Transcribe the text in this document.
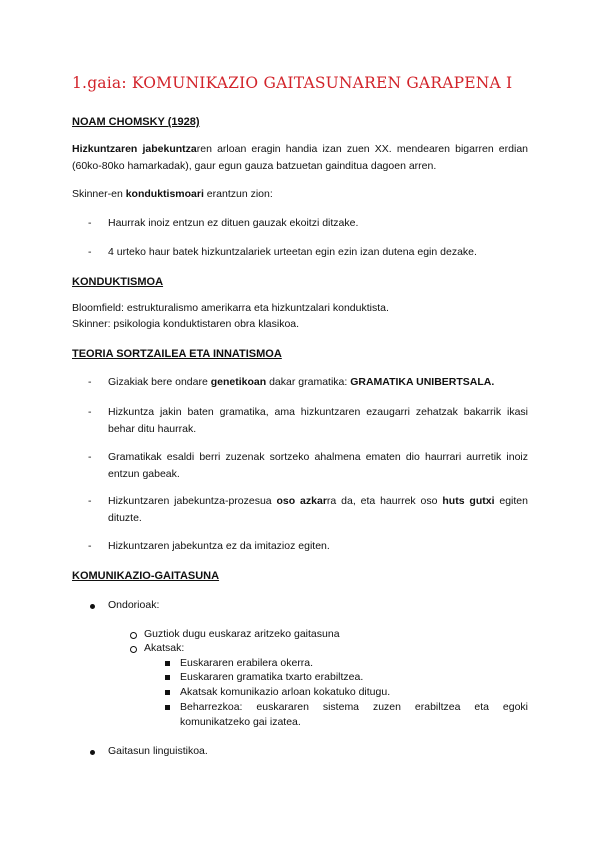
1.gaia: KOMUNIKAZIO GAITASUNAREN GARAPENA I
NOAM CHOMSKY (1928)
Hizkuntzaren jabekuntzaren arloan eragin handia izan zuen XX. mendearen bigarren erdian (60ko-80ko hamarkadak), gaur egun gauza batzuetan gainditua dagoen arren.
Skinner-en konduktismoari erantzun zion:
-	Haurrak inoiz entzun ez dituen gauzak ekoitzi ditzake.
-	4 urteko haur batek hizkuntzalariek urteetan egin ezin izan dutena egin dezake.
KONDUKTISMOA
Bloomfield: estrukturalismo amerikarra eta hizkuntzalari konduktista.
Skinner: psikologia konduktistaren obra klasikoa.
TEORIA SORTZAILEA ETA INNATISMOA
-	Gizakiak bere ondare genetikoan dakar gramatika: GRAMATIKA UNIBERTSALA.
-	Hizkuntza jakin baten gramatika, ama hizkuntzaren ezaugarri zehatzak bakarrik ikasi behar ditu haurrak.
-	Gramatikak esaldi berri zuzenak sortzeko ahalmena ematen dio haurrari aurretik inoiz entzun gabeak.
-	Hizkuntzaren jabekuntza-prozesua oso azkarra da, eta haurrek oso huts gutxi egiten dituzte.
-	Hizkuntzaren jabekuntza ez da imitazioz egiten.
KOMUNIKAZIO-GAITASUNA
Ondorioak:
Guztiok dugu euskaraz aritzeko gaitasuna
Akatsak:
Euskararen erabilera okerra.
Euskararen gramatika txarto erabiltzea.
Akatsak komunikazio arloan kokatuko ditugu.
Beharrezkoa: euskararen sistema zuzen erabiltzea eta egoki komunikatzeko gai izatea.
Gaitasun linguistikoa.
